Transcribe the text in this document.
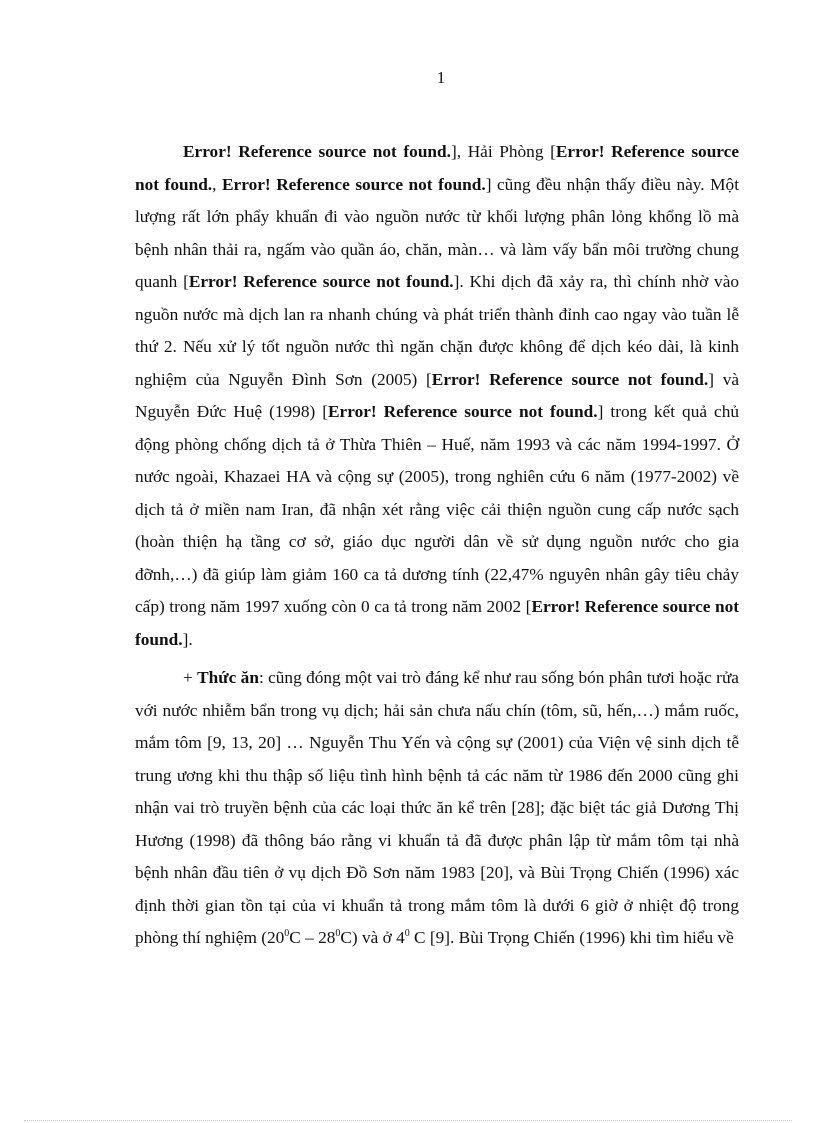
1

Error! Reference source not found.], Hải Phòng [Error! Reference source not found., Error! Reference source not found.] cũng đều nhận thấy điều này. Một lượng rất lớn phẩy khuẩn đi vào nguồn nước từ khối lượng phân lỏng khổng lồ mà bệnh nhân thải ra, ngấm vào quần áo, chăn, màn… và làm vấy bẩn môi trường chung quanh [Error! Reference source not found.]. Khi dịch đã xảy ra, thì chính nhờ vào nguồn nước mà dịch lan ra nhanh chúng và phát triển thành đỉnh cao ngay vào tuần lễ thứ 2. Nếu xử lý tốt nguồn nước thì ngăn chặn được không để dịch kéo dài, là kinh nghiệm của Nguyễn Đình Sơn (2005) [Error! Reference source not found.] và Nguyễn Đức Huệ (1998) [Error! Reference source not found.] trong kết quả chủ động phòng chống dịch tả ở Thừa Thiên – Huế, năm 1993 và các năm 1994-1997. Ở nước ngoài, Khazaei HA và cộng sự (2005), trong nghiên cứu 6 năm (1977-2002) về dịch tả ở miền nam Iran, đã nhận xét rằng việc cải thiện nguồn cung cấp nước sạch (hoàn thiện hạ tầng cơ sở, giáo dục người dân về sử dụng nguồn nước cho gia đỡnh,…) đã giúp làm giảm 160 ca tả dương tính (22,47% nguyên nhân gây tiêu chảy cấp) trong năm 1997 xuống còn 0 ca tả trong năm 2002 [Error! Reference source not found.].

+ Thức ăn: cũng đóng một vai trò đáng kể như rau sống bón phân tươi hoặc rửa với nước nhiễm bẩn trong vụ dịch; hải sản chưa nấu chín (tôm, sũ, hến,…) mắm ruốc, mắm tôm [9, 13, 20] … Nguyễn Thu Yến và cộng sự (2001) của Viện vệ sinh dịch tễ trung ương khi thu thập số liệu tình hình bệnh tả các năm từ 1986 đến 2000 cũng ghi nhận vai trò truyền bệnh của các loại thức ăn kể trên [28]; đặc biệt tác giả Dương Thị Hương (1998) đã thông báo rằng vi khuẩn tả đã được phân lập từ mắm tôm tại nhà bệnh nhân đầu tiên ở vụ dịch Đồ Sơn năm 1983 [20], và Bùi Trọng Chiến (1996) xác định thời gian tồn tại của vi khuẩn tả trong mắm tôm là dưới 6 giờ ở nhiệt độ trong phòng thí nghiệm $(20^0C - 28^0C)$ và ở $4^0$ C [9]. Bùi Trọng Chiến (1996) khi tìm hiểu về
